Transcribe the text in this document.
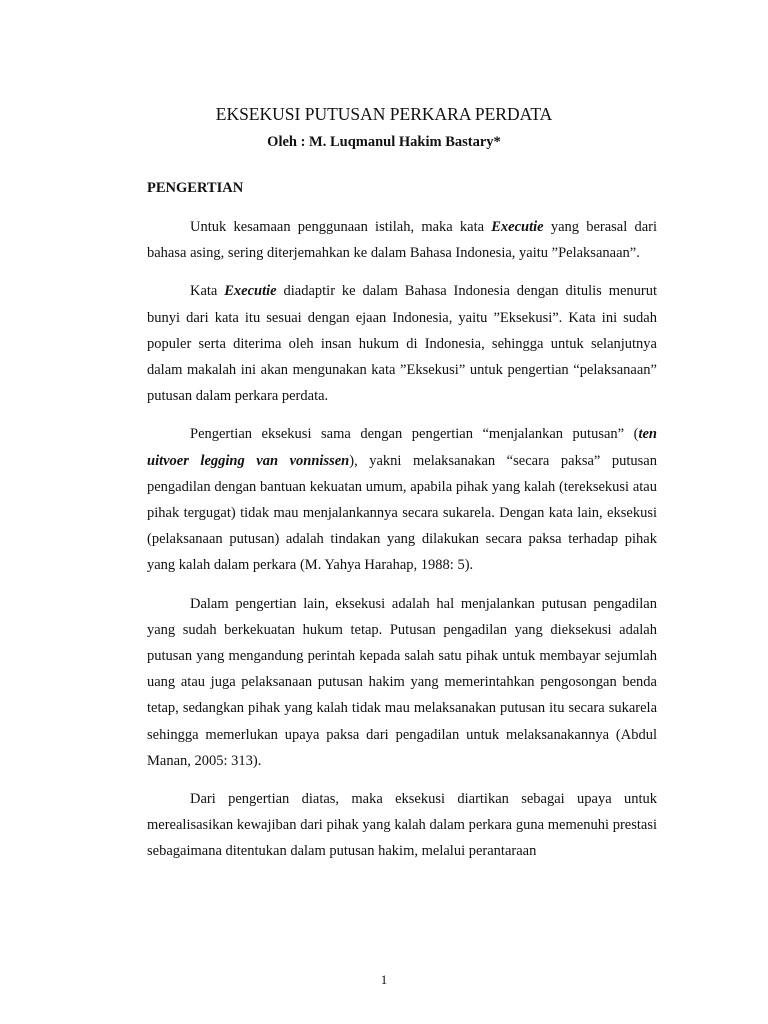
EKSEKUSI PUTUSAN PERKARA PERDATA
Oleh : M. Luqmanul Hakim Bastary*
PENGERTIAN

Untuk kesamaan penggunaan istilah, maka kata Executie yang berasal dari bahasa asing, sering diterjemahkan ke dalam Bahasa Indonesia, yaitu ”Pelaksanaan”.

Kata Executie diadaptir ke dalam Bahasa Indonesia dengan ditulis menurut bunyi dari kata itu sesuai dengan ejaan Indonesia, yaitu ”Eksekusi”. Kata ini sudah populer serta diterima oleh insan hukum di Indonesia, sehingga untuk selanjutnya dalam makalah ini akan mengunakan kata ”Eksekusi” untuk pengertian “pelaksanaan” putusan dalam perkara perdata.

Pengertian eksekusi sama dengan pengertian “menjalankan putusan” (ten uitvoer legging van vonnissen), yakni melaksanakan “secara paksa” putusan pengadilan dengan bantuan kekuatan umum, apabila pihak yang kalah (tereksekusi atau pihak tergugat) tidak mau menjalankannya secara sukarela. Dengan kata lain, eksekusi (pelaksanaan putusan) adalah tindakan yang dilakukan secara paksa terhadap pihak yang kalah dalam perkara (M. Yahya Harahap, 1988: 5).

Dalam pengertian lain, eksekusi adalah hal menjalankan putusan pengadilan yang sudah berkekuatan hukum tetap. Putusan pengadilan yang dieksekusi adalah putusan yang mengandung perintah kepada salah satu pihak untuk membayar sejumlah uang atau juga pelaksanaan putusan hakim yang memerintahkan pengosongan benda tetap, sedangkan pihak yang kalah tidak mau melaksanakan putusan itu secara sukarela sehingga memerlukan upaya paksa dari pengadilan untuk melaksanakannya (Abdul Manan, 2005: 313).

Dari pengertian diatas, maka eksekusi diartikan sebagai upaya untuk merealisasikan kewajiban dari pihak yang kalah dalam perkara guna memenuhi prestasi sebagaimana ditentukan dalam putusan hakim, melalui perantaraan

1
